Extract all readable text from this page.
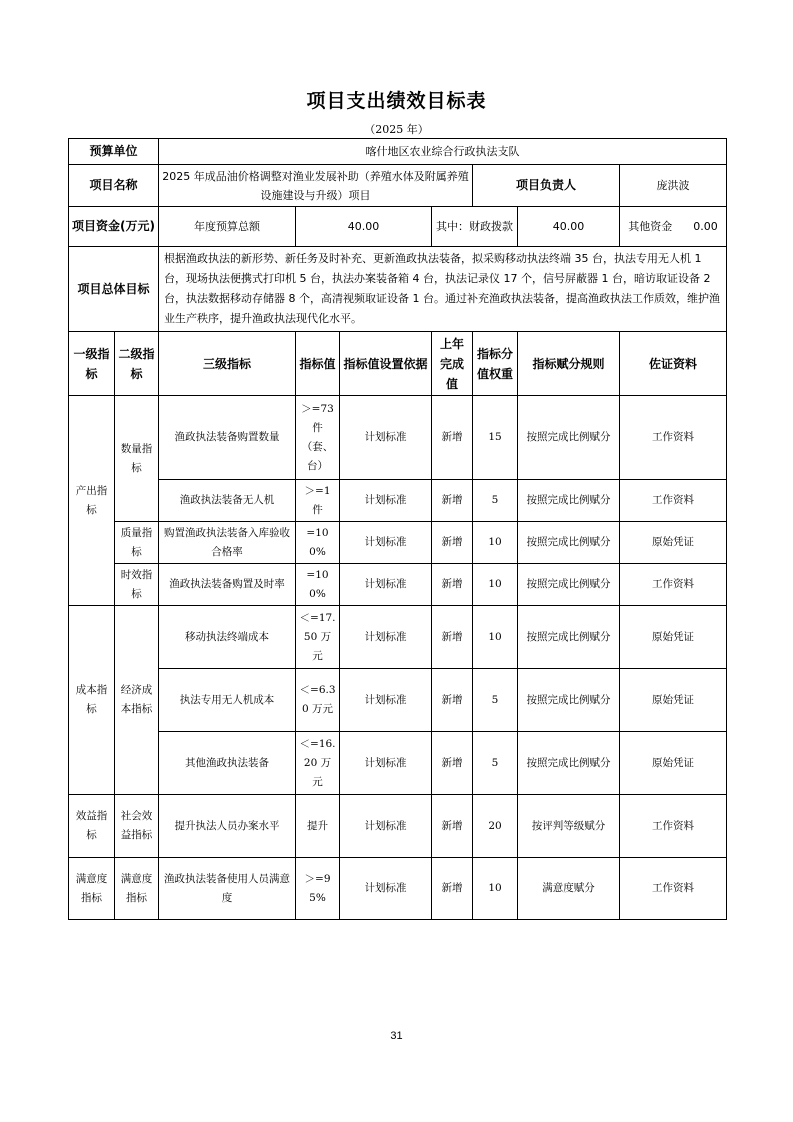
项目支出绩效目标表
（2025 年）
预算单位		喀什地区农业综合行政执法支队						
项目名称		2025 年成品油价格调整对渔业发展补助（养殖水体及附属养殖设施建设与升级）项目				项目负责人		庞洪波
项目资金(万元)		年度预算总额	40.00		其中：财政拨款		40.00	其他资金 0.00
项目总体目标		根据渔政执法的新形势、新任务及时补充、更新渔政执法装备，拟采购移动执法终端 35 台，执法专用无人机 1 台，现场执法便携式打印机 5 台，执法办案装备箱 4 台，执法记录仪 17 个，信号屏蔽器 1 台，暗访取证设备 2 台，执法数据移动存储器 8 个，高清视频取证设备 1 台。通过补充渔政执法装备，提高渔政执法工作质效，维护渔业生产秩序，提升渔政执法现代化水平。						
一级指标	二级指标	三级指标	指标值	指标值设置依据	上年完成值	指标分值权重	指标赋分规则	佐证资料
产出指标	数量指标	渔政执法装备购置数量	＞=73 件（套、台）	计划标准	新增	15	按照完成比例赋分	工作资料
		渔政执法装备无人机	＞=1 件	计划标准	新增	5	按照完成比例赋分	工作资料
	质量指标	购置渔政执法装备入库验收合格率	=100%	计划标准	新增	10	按照完成比例赋分	原始凭证
	时效指标	渔政执法装备购置及时率	=100%	计划标准	新增	10	按照完成比例赋分	工作资料
成本指标	经济成本指标	移动执法终端成本	＜=17.50 万元	计划标准	新增	10	按照完成比例赋分	原始凭证
		执法专用无人机成本	＜=6.30 万元	计划标准	新增	5	按照完成比例赋分	原始凭证
		其他渔政执法装备	＜=16.20 万元	计划标准	新增	5	按照完成比例赋分	原始凭证
效益指标	社会效益指标	提升执法人员办案水平	提升	计划标准	新增	20	按评判等级赋分	工作资料
满意度指标	满意度指标	渔政执法装备使用人员满意度	＞=95%	计划标准	新增	10	满意度赋分	工作资料
31
